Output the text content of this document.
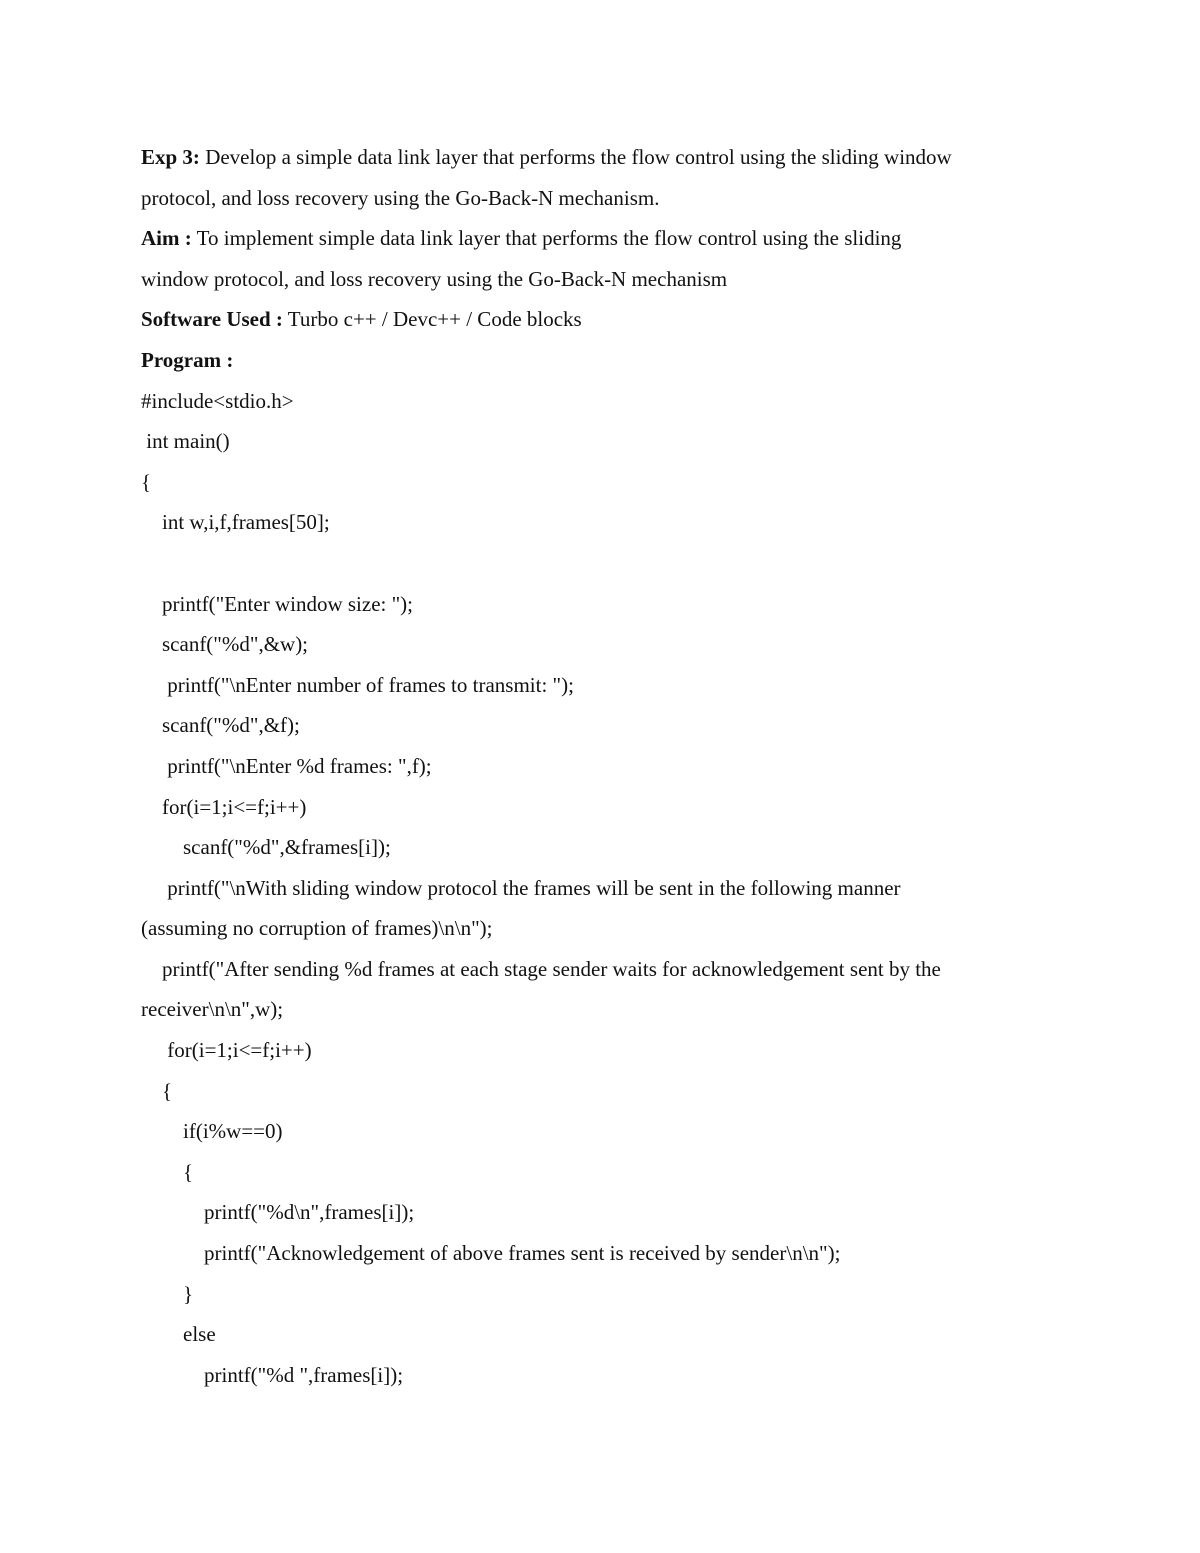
Exp 3: Develop a simple data link layer that performs the flow control using the sliding window
protocol, and loss recovery using the Go-Back-N mechanism.
Aim : To implement simple data link layer that performs the flow control using the sliding
window protocol, and loss recovery using the Go-Back-N mechanism
Software Used : Turbo c++ / Devc++ / Code blocks
Program :
#include<stdio.h>
int main()
{
int w,i,f,frames[50];
printf("Enter window size: ");
scanf("%d",&w);
printf("\nEnter number of frames to transmit: ");
scanf("%d",&f);
printf("\nEnter %d frames: ",f);
for(i=1;i<=f;i++)
scanf("%d",&frames[i]);
printf("\nWith sliding window protocol the frames will be sent in the following manner
(assuming no corruption of frames)\n\n");
printf("After sending %d frames at each stage sender waits for acknowledgement sent by the
receiver\n\n",w);
for(i=1;i<=f;i++)
{
if(i%w==0)
{
printf("%d\n",frames[i]);
printf("Acknowledgement of above frames sent is received by sender\n\n");
}
else
printf("%d ",frames[i]);
